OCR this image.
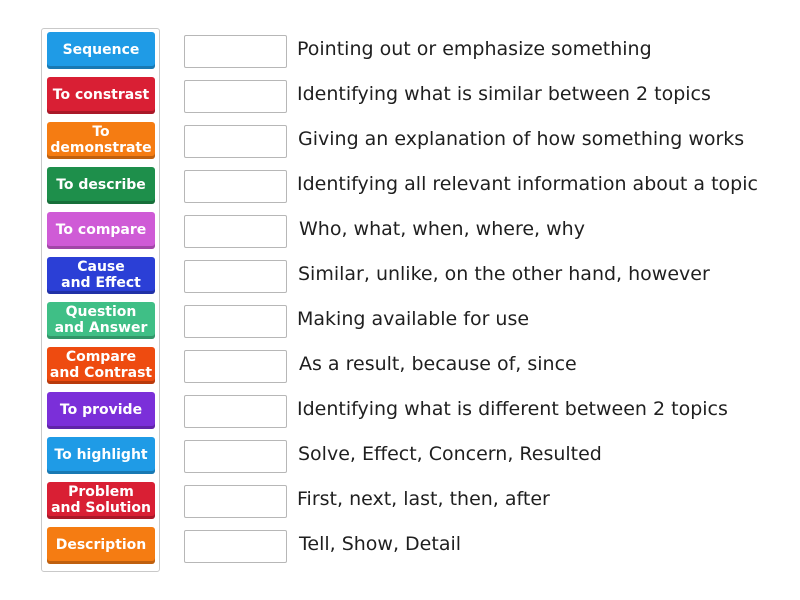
Sequence
To constrast
To
demonstrate
To describe
To compare
Cause
and Effect
Question
and Answer
Compare
and Contrast
To provide
To highlight
Problem
and Solution
Description
Pointing out or emphasize something
Identifying what is similar between 2 topics
Giving an explanation of how something works
Identifying all relevant information about a topic
Who, what, when, where, why
Similar, unlike, on the other hand, however
Making available for use
As a result, because of, since
Identifying what is different between 2 topics
Solve, Effect, Concern, Resulted
First, next, last, then, after
Tell, Show, Detail
